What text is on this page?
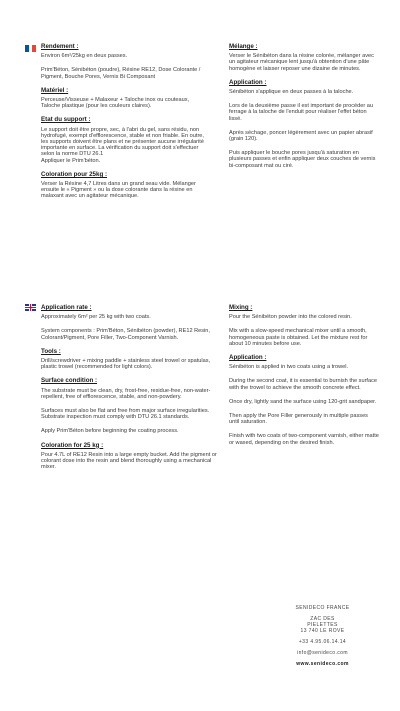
Rendement :

Environ 6m²/25kg en deux passes.

Prim'Béton, Sénibéton (poudre), Résine RE12, Dose Colorante / Pigment, Bouche Pores, Vernis Bi Composant

Matériel :

Perceuse/Visseuse + Malaxeur + Taloche inox ou couteaux, Taloche plastique (pour les couleurs claires).

Etat du support :

Le support doit être propre, sec, à l'abri du gel, sans résidu, non hydrofugé, exempt d'efflorescence, stable et non friable. En outre, les supports doivent être plans et ne présenter aucune irrégularité importante en surface. La vérification du support doit s'effectuer selon la norme DTU 26.1

Appliquer le Prim'béton.

Coloration pour 25kg :

Verser la Résine 4,7 Litres dans un grand seau vide. Mélanger ensuite le « Pigment » ou la dose colorante dans la résine en malaxant avec un agitateur mécanique.

Mélange :

Verser le Sénibéton dans la résine colorée, mélanger avec un agitateur mécanique lent jusqu'à obtention d'une pâte homogène et laisser reposer une dizaine de minutes.

Application :

Sénibéton s'applique en deux passes à la taloche.

Lors de la deuxième passe il est important de procéder au ferrage à la taloche de l'enduit pour réaliser l'effet béton lissé.

Après séchage, poncer légèrement avec un papier abrasif (grain 120).

Puis appliquer le bouche pores jusqu'à saturation en plusieurs passes et enfin appliquer deux couches de vernis bi-composant mat ou ciré.

Application rate :

Approximately 6m² per 25 kg with two coats.

System components : Prim'Béton, Sénibéton (powder), RE12 Resin, Colorant/Pigment, Pore Filler, Two-Component Varnish.

Tools :

Drill/screwdriver + mixing paddle + stainless steel trowel or spatulas, plastic trowel (recommended for light colors).

Surface condition :

The substrate must be clean, dry, frost-free, residue-free, non-water-repellent, free of efflorescence, stable, and non-powdery.

Surfaces must also be flat and free from major surface irregularities. Substrate inspection must comply with DTU 26.1 standards.

Apply Prim'Béton before beginning the coating process.

Coloration for 25 kg :

Pour 4.7L of RE12 Resin into a large empty bucket. Add the pigment or colorant dose into the resin and blend thoroughly using a mechanical mixer.

Mixing :

Pour the Sénibéton powder into the colored resin.

Mix with a slow-speed mechanical mixer until a smooth, homogeneous paste is obtained. Let the mixture rest for about 10 minutes before use.

Application :

Sénibéton is applied in two coats using a trowel.

During the second coat, it is essential to burnish the surface with the trowel to achieve the smooth concrete effect.

Once dry, lightly sand the surface using 120-grit sandpaper.

Then apply the Pore Filler generously in multiple passes until saturation.

Finish with two coats of two-component varnish, either matte or waxed, depending on the desired finish.

SENIDECO FRANCE
ZAC DES
PIELETTES
13 740 LE ROVE
+33 4.95.06.14.14
info@senideco.com
www.senideco.com
